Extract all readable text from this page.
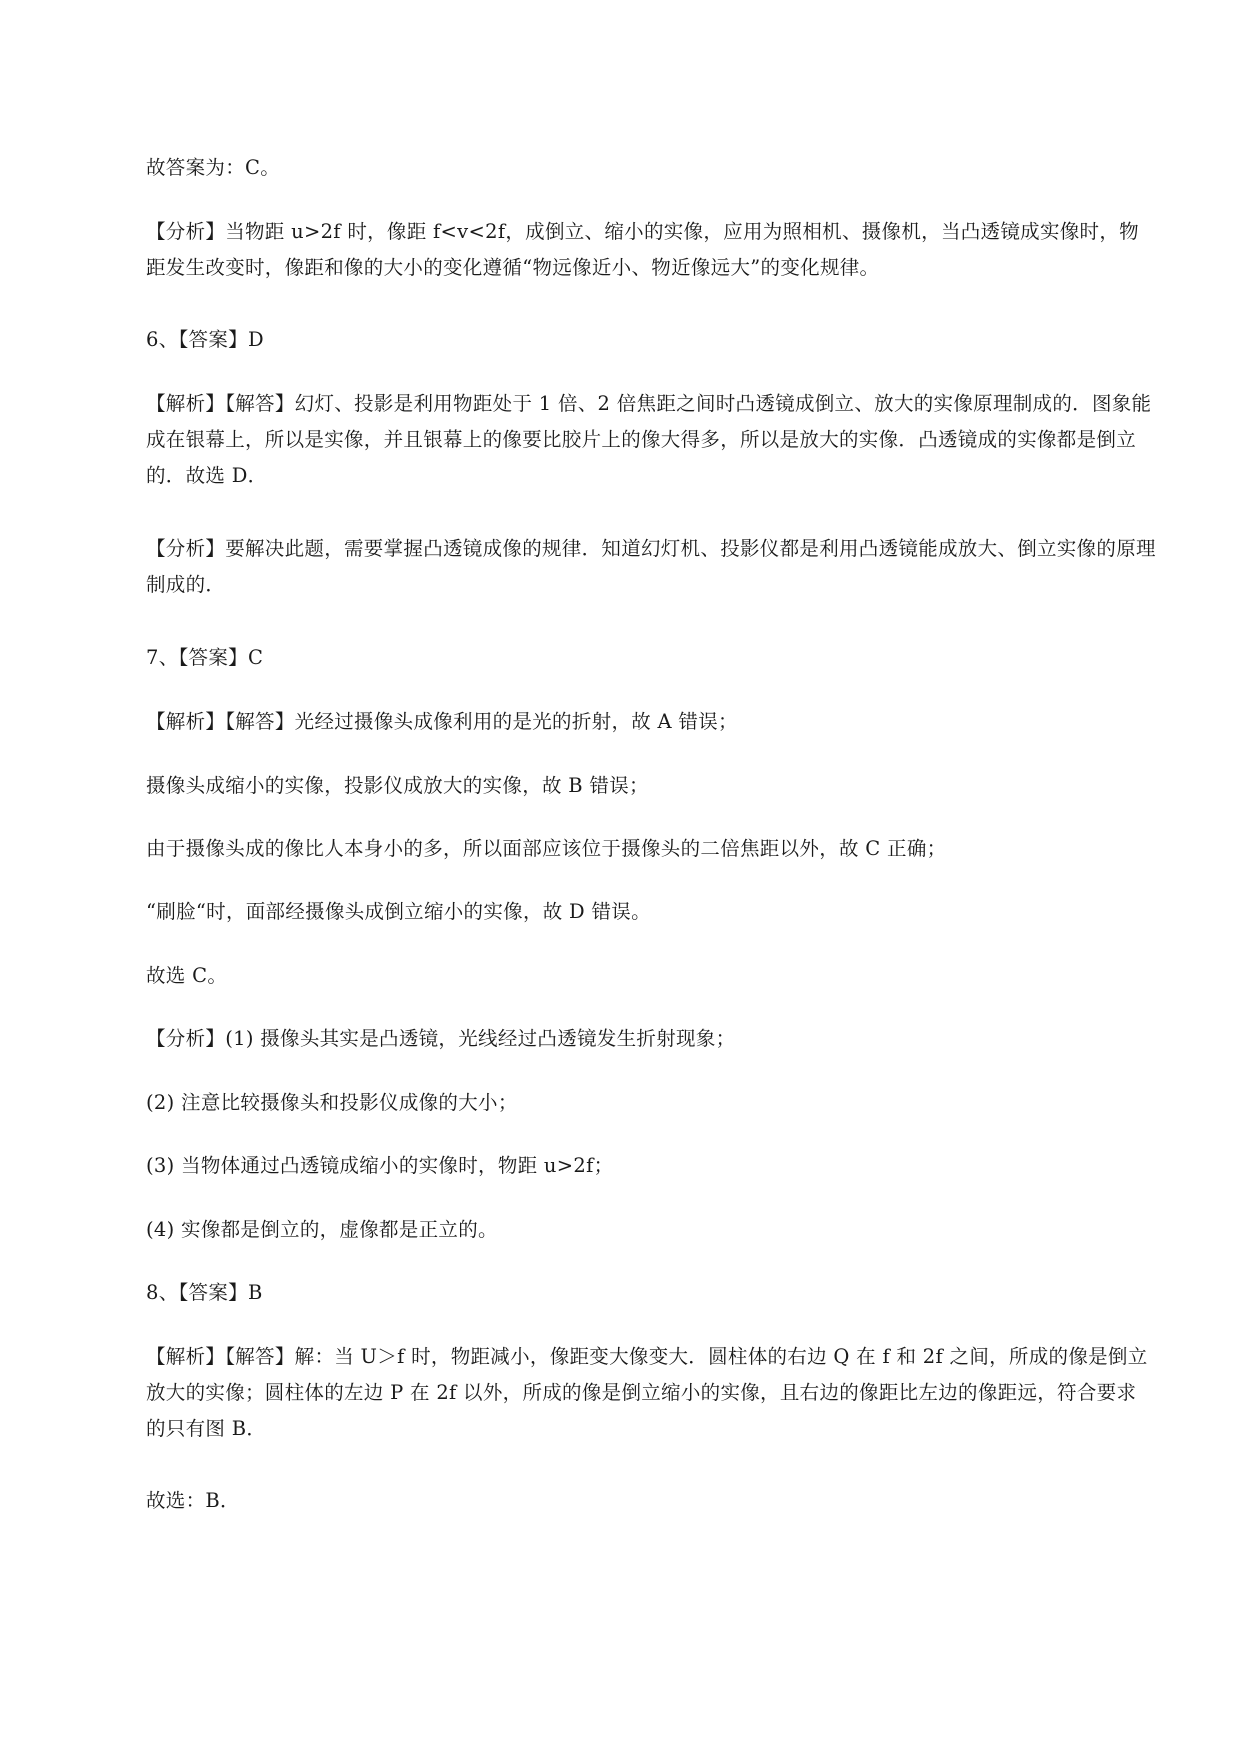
故答案为：C。

【分析】当物距 u>2f 时，像距 f<v<2f，成倒立、缩小的实像，应用为照相机、摄像机，当凸透镜成实像时，物距发生改变时，像距和像的大小的变化遵循“物远像近小、物近像远大”的变化规律。

6、【答案】D

【解析】【解答】幻灯、投影是利用物距处于 1 倍、2 倍焦距之间时凸透镜成倒立、放大的实像原理制成的．图象能成在银幕上，所以是实像，并且银幕上的像要比胶片上的像大得多，所以是放大的实像．凸透镜成的实像都是倒立的．故选 D．

【分析】要解决此题，需要掌握凸透镜成像的规律．知道幻灯机、投影仪都是利用凸透镜能成放大、倒立实像的原理制成的．

7、【答案】C

【解析】【解答】光经过摄像头成像利用的是光的折射，故 A 错误；

摄像头成缩小的实像，投影仪成放大的实像，故 B 错误；

由于摄像头成的像比人本身小的多，所以面部应该位于摄像头的二倍焦距以外，故 C 正确；

“刷脸“时，面部经摄像头成倒立缩小的实像，故 D 错误。

故选 C。

【分析】(1) 摄像头其实是凸透镜，光线经过凸透镜发生折射现象；

(2) 注意比较摄像头和投影仪成像的大小；

(3) 当物体通过凸透镜成缩小的实像时，物距 u>2f；

(4) 实像都是倒立的，虚像都是正立的。

8、【答案】B

【解析】【解答】解：当 U＞f 时，物距减小，像距变大像变大．圆柱体的右边 Q 在 f 和 2f 之间，所成的像是倒立放大的实像；圆柱体的左边 P 在 2f 以外，所成的像是倒立缩小的实像，且右边的像距比左边的像距远，符合要求的只有图 B．

故选：B．
